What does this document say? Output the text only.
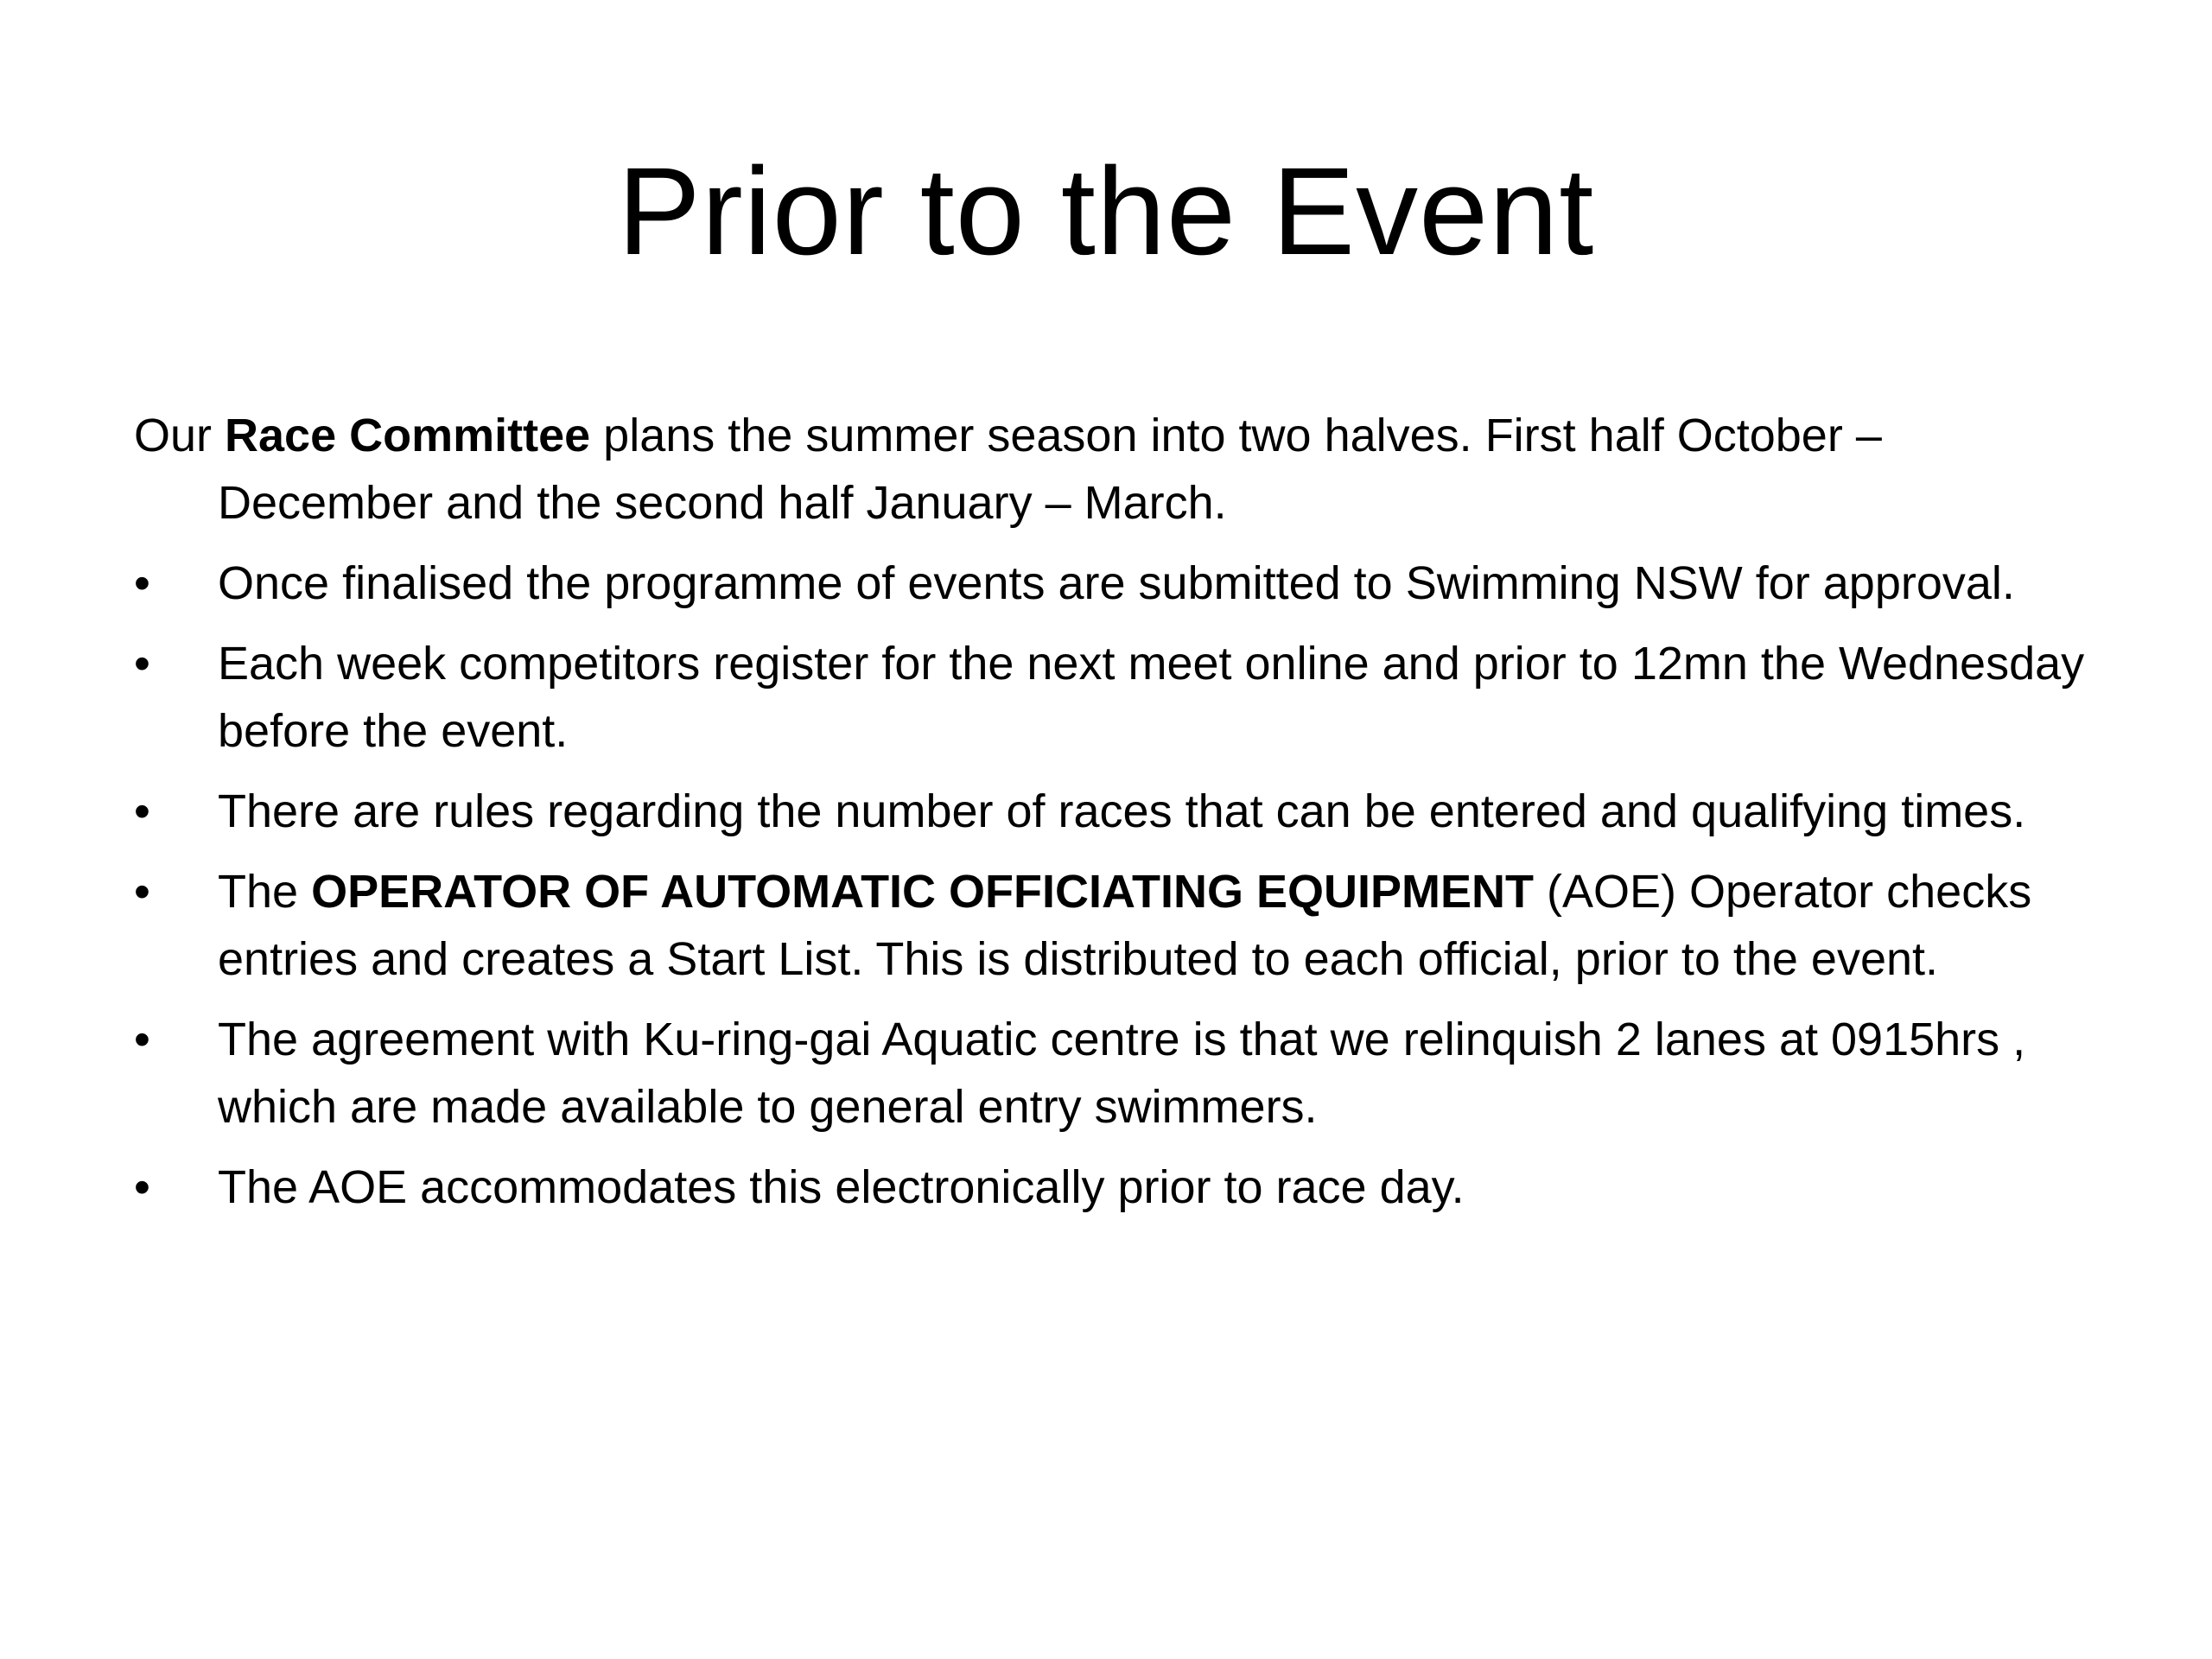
Prior to the Event
Our Race Committee plans the summer season into two halves. First half October – December and the second half January – March.
•	Once finalised the programme of events are submitted to Swimming NSW for approval.
•	Each week competitors register for the next meet online and prior to 12mn the Wednesday before the event.
•	There are rules regarding the number of races that can be entered and qualifying times.
•	The OPERATOR OF AUTOMATIC OFFICIATING EQUIPMENT (AOE) Operator checks entries and creates a Start List. This is distributed to each official, prior to the event.
•	The agreement with Ku-ring-gai Aquatic centre is that we relinquish 2 lanes at 0915hrs , which are made available to general entry swimmers.
•	The AOE accommodates this electronically prior to race day.
